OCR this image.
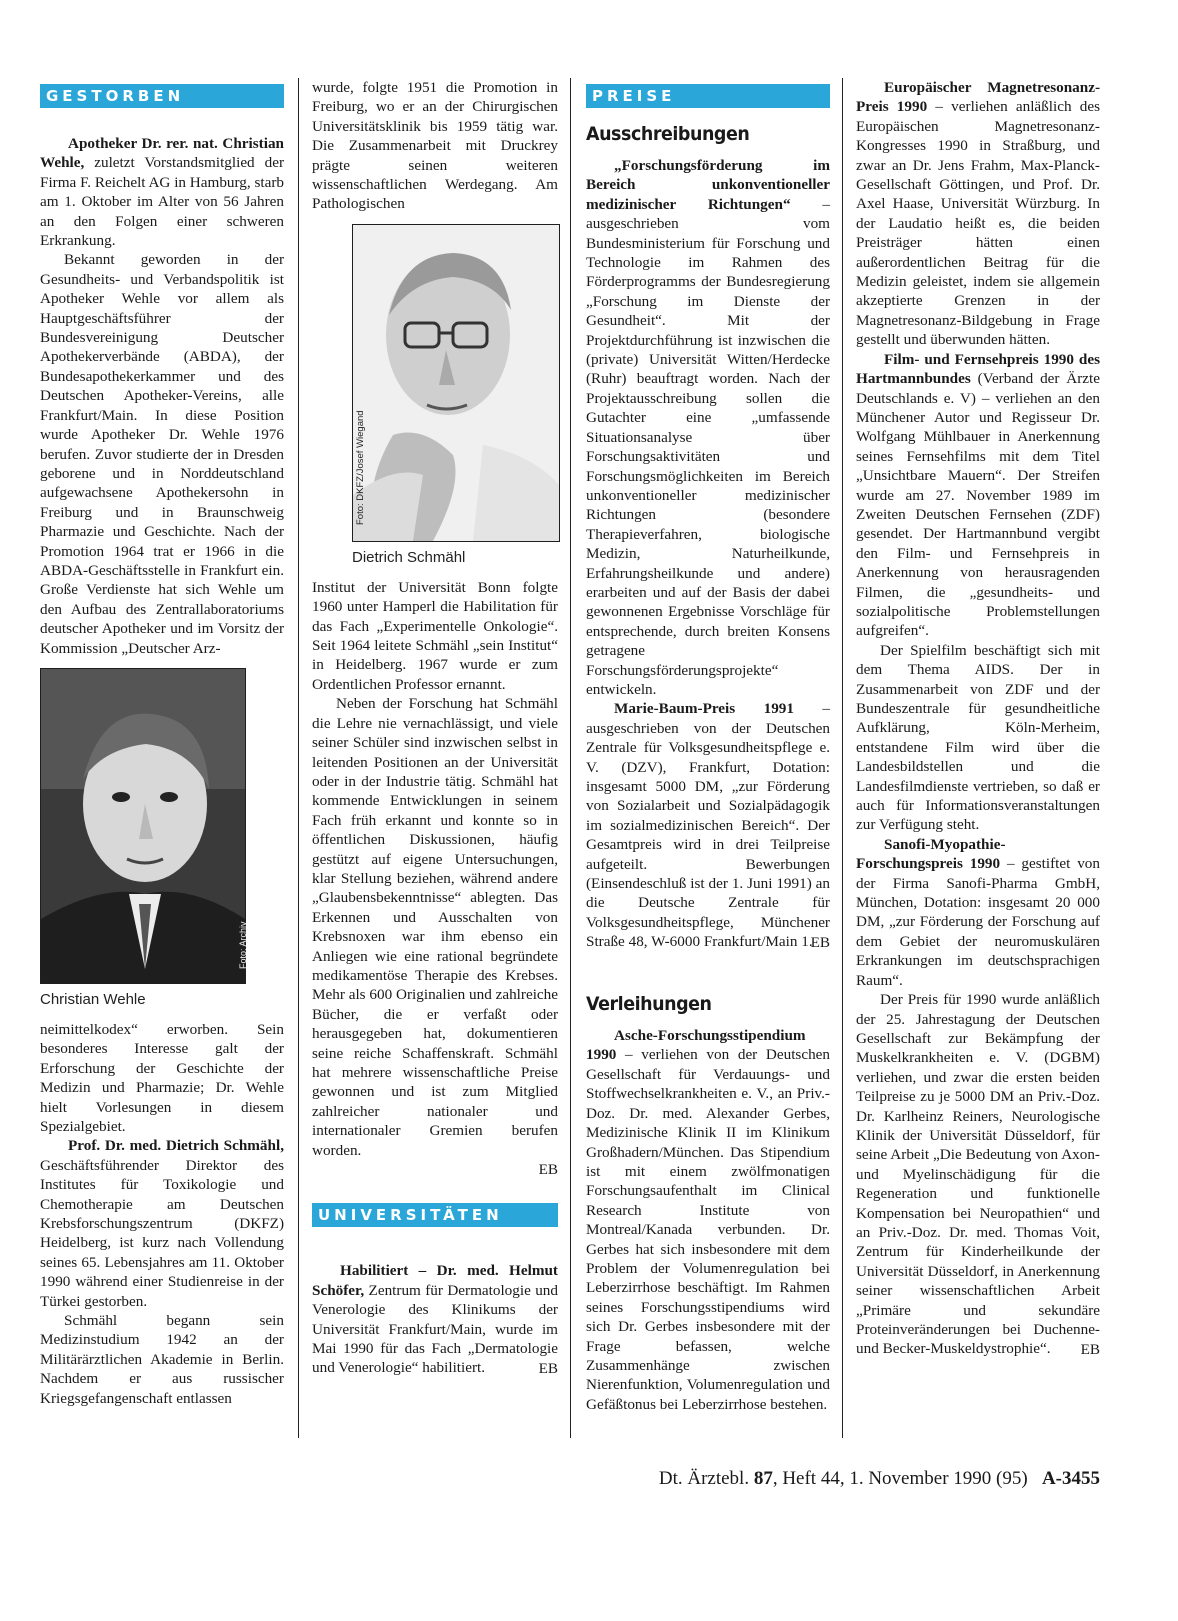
GESTORBEN

Apotheker Dr. rer. nat. Christian Wehle, zuletzt Vorstandsmitglied der Firma F. Reichelt AG in Hamburg, starb am 1. Oktober im Alter von 56 Jahren an den Folgen einer schweren Erkrankung.

Bekannt geworden in der Gesundheits- und Verbandspolitik ist Apotheker Wehle vor allem als Hauptgeschäftsführer der Bundesvereinigung Deutscher Apothekerverbände (ABDA), der Bundesapothekerkammer und des Deutschen Apotheker-Vereins, alle Frankfurt/Main. In diese Position wurde Apotheker Dr. Wehle 1976 berufen. Zuvor studierte der in Dresden geborene und in Norddeutschland aufgewachsene Apothekersohn in Freiburg und in Braunschweig Pharmazie und Geschichte. Nach der Promotion 1964 trat er 1966 in die ABDA-Geschäftsstelle in Frankfurt ein. Große Verdienste hat sich Wehle um den Aufbau des Zentrallaboratoriums deutscher Apotheker und im Vorsitz der Kommission „Deutscher Arz-

Foto: Archiv
Christian Wehle

neimittelkodex“ erworben. Sein besonderes Interesse galt der Erforschung der Geschichte der Medizin und Pharmazie; Dr. Wehle hielt Vorlesungen in diesem Spezialgebiet.

Prof. Dr. med. Dietrich Schmähl, Geschäftsführender Direktor des Institutes für Toxikologie und Chemotherapie am Deutschen Krebsforschungszentrum (DKFZ) Heidelberg, ist kurz nach Vollendung seines 65. Lebensjahres am 11. Oktober 1990 während einer Studienreise in der Türkei gestorben.

Schmähl begann sein Medizinstudium 1942 an der Militärärztlichen Akademie in Berlin. Nachdem er aus russischer Kriegsgefangenschaft entlassen

wurde, folgte 1951 die Promotion in Freiburg, wo er an der Chirurgischen Universitätsklinik bis 1959 tätig war. Die Zusammenarbeit mit Druckrey prägte seinen weiteren wissenschaftlichen Werdegang. Am Pathologischen

Foto: DKFZ/Josef Wiegand
Dietrich Schmähl

Institut der Universität Bonn folgte 1960 unter Hamperl die Habilitation für das Fach „Experimentelle Onkologie“. Seit 1964 leitete Schmähl „sein Institut“ in Heidelberg. 1967 wurde er zum Ordentlichen Professor ernannt.

Neben der Forschung hat Schmähl die Lehre nie vernachlässigt, und viele seiner Schüler sind inzwischen selbst in leitenden Positionen an der Universität oder in der Industrie tätig. Schmähl hat kommende Entwicklungen in seinem Fach früh erkannt und konnte so in öffentlichen Diskussionen, häufig gestützt auf eigene Untersuchungen, klar Stellung beziehen, während andere „Glaubensbekenntnisse“ ablegten. Das Erkennen und Ausschalten von Krebsnoxen war ihm ebenso ein Anliegen wie eine rational begründete medikamentöse Therapie des Krebses. Mehr als 600 Originalien und zahlreiche Bücher, die er verfaßt oder herausgegeben hat, dokumentieren seine reiche Schaffenskraft. Schmähl hat mehrere wissenschaftliche Preise gewonnen und ist zum Mitglied zahlreicher nationaler und internationaler Gremien berufen worden.

EB
UNIVERSITÄTEN

Habilitiert – Dr. med. Helmut Schöfer, Zentrum für Dermatologie und Venerologie des Klinikums der Universität Frankfurt/Main, wurde im Mai 1990 für das Fach „Dermatologie und Venerologie“ habilitiert.	EB
PREISE
Ausschreibungen

„Forschungsförderung im Bereich unkonventioneller medizinischer Richtungen“ – ausgeschrieben vom Bundesministerium für Forschung und Technologie im Rahmen des Förderprogramms der Bundesregierung „Forschung im Dienste der Gesundheit“. Mit der Projektdurchführung ist inzwischen die (private) Universität Witten/Herdecke (Ruhr) beauftragt worden. Nach der Projektausschreibung sollen die Gutachter eine „umfassende Situationsanalyse über Forschungsaktivitäten und Forschungsmöglichkeiten im Bereich unkonventioneller medizinischer Richtungen (besondere Therapieverfahren, biologische Medizin, Naturheilkunde, Erfahrungsheilkunde und andere) erarbeiten und auf der Basis der dabei gewonnenen Ergebnisse Vorschläge für entsprechende, durch breiten Konsens getragene Forschungsförderungsprojekte“ entwickeln.

Marie-Baum-Preis 1991 – ausgeschrieben von der Deutschen Zentrale für Volksgesundheitspflege e. V. (DZV), Frankfurt, Dotation: insgesamt 5000 DM, „zur Förderung von Sozialarbeit und Sozialpädagogik im sozialmedizinischen Bereich“. Der Gesamtpreis wird in drei Teilpreise aufgeteilt. Bewerbungen (Einsendeschluß ist der 1. Juni 1991) an die Deutsche Zentrale für Volksgesundheitspflege, Münchener Straße 48, W-6000 Frankfurt/Main 1.

EB
Verleihungen

Asche-Forschungsstipendium 1990 – verliehen von der Deutschen Gesellschaft für Verdauungs- und Stoffwechselkrankheiten e. V., an Priv.-Doz. Dr. med. Alexander Gerbes, Medizinische Klinik II im Klinikum Großhadern/München. Das Stipendium ist mit einem zwölfmonatigen Forschungsaufenthalt im Clinical Research Institute von Montreal/Kanada verbunden. Dr. Gerbes hat sich insbesondere mit dem Problem der Volumenregulation bei Leberzirrhose beschäftigt. Im Rahmen seines Forschungsstipendiums wird sich Dr. Gerbes insbesondere mit der Frage befassen, welche Zusammenhänge zwischen Nierenfunktion, Volumenregulation und Gefäßtonus bei Leberzirrhose bestehen.

Europäischer Magnetresonanz-Preis 1990 – verliehen anläßlich des Europäischen Magnetresonanz-Kongresses 1990 in Straßburg, und zwar an Dr. Jens Frahm, Max-Planck-Gesellschaft Göttingen, und Prof. Dr. Axel Haase, Universität Würzburg. In der Laudatio heißt es, die beiden Preisträger hätten einen außerordentlichen Beitrag für die Medizin geleistet, indem sie allgemein akzeptierte Grenzen in der Magnetresonanz-Bildgebung in Frage gestellt und überwunden hätten.

Film- und Fernsehpreis 1990 des Hartmannbundes (Verband der Ärzte Deutschlands e. V) – verliehen an den Münchener Autor und Regisseur Dr. Wolfgang Mühlbauer in Anerkennung seines Fernsehfilms mit dem Titel „Unsichtbare Mauern“. Der Streifen wurde am 27. November 1989 im Zweiten Deutschen Fernsehen (ZDF) gesendet. Der Hartmannbund vergibt den Film- und Fernsehpreis in Anerkennung von herausragenden Filmen, die „gesundheits- und sozialpolitische Problemstellungen aufgreifen“.

Der Spielfilm beschäftigt sich mit dem Thema AIDS. Der in Zusammenarbeit von ZDF und der Bundeszentrale für gesundheitliche Aufklärung, Köln-Merheim, entstandene Film wird über die Landesbildstellen und die Landesfilmdienste vertrieben, so daß er auch für Informationsveranstaltungen zur Verfügung steht.

Sanofi-Myopathie-Forschungspreis 1990 – gestiftet von der Firma Sanofi-Pharma GmbH, München, Dotation: insgesamt 20 000 DM, „zur Förderung der Forschung auf dem Gebiet der neuromuskulären Erkrankungen im deutschsprachigen Raum“.

Der Preis für 1990 wurde anläßlich der 25. Jahrestagung der Deutschen Gesellschaft zur Bekämpfung der Muskelkrankheiten e. V. (DGBM) verliehen, und zwar die ersten beiden Teilpreise zu je 5000 DM an Priv.-Doz. Dr. Karlheinz Reiners, Neurologische Klinik der Universität Düsseldorf, für seine Arbeit „Die Bedeutung von Axon- und Myelinschädigung für die Regeneration und funktionelle Kompensation bei Neuropathien“ und an Priv.-Doz. Dr. med. Thomas Voit, Zentrum für Kinderheilkunde der Universität Düsseldorf, in Anerkennung seiner wissenschaftlichen Arbeit „Primäre und sekundäre Proteinveränderungen bei Duchenne- und Becker-Muskeldystrophie“.	EB
Dt. Ärztebl. 87, Heft 44, 1. November 1990 (95) A-3455
